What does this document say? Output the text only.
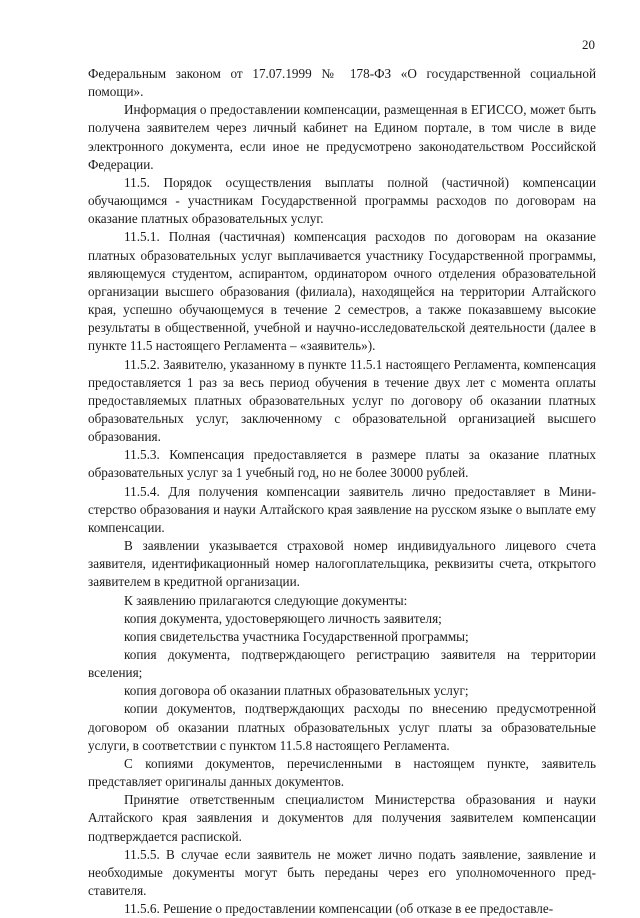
20

Федеральным законом от 17.07.1999 № 178-ФЗ «О государственной социальной помощи».

Информация о предоставлении компенсации, размещенная в ЕГИССО, может быть получена заявителем через личный кабинет на Едином портале, в том числе в виде электронного документа, если иное не предусмотрено законодательством Российской Федерации.

11.5. Порядок осуществления выплаты полной (частичной) компенсации обучающимся - участникам Государственной программы расходов по договорам на оказание платных образовательных услуг.

11.5.1. Полная (частичная) компенсация расходов по договорам на оказание платных образовательных услуг выплачивается участнику Государственной программы, являющемуся студентом, аспирантом, ординатором очного отделения образовательной организации высшего образования (филиала), находящейся на территории Алтайского края, успешно обучающемуся в течение 2 семестров, а также показавшему высокие результаты в общественной, учебной и научно-исследовательской деятельности (далее в пункте 11.5 настоящего Регламента – «заявитель»).

11.5.2. Заявителю, указанному в пункте 11.5.1 настоящего Регламента, компенсация предоставляется 1 раз за весь период обучения в течение двух лет с момента оплаты предоставляемых платных образовательных услуг по договору об оказании платных образовательных услуг, заключенному с образовательной организацией высшего образования.

11.5.3. Компенсация предоставляется в размере платы за оказание платных образовательных услуг за 1 учебный год, но не более 30000 рублей.

11.5.4. Для получения компенсации заявитель лично предоставляет в Министерство образования и науки Алтайского края заявление на русском языке о выплате ему компенсации.

В заявлении указывается страховой номер индивидуального лицевого счета заявителя, идентификационный номер налогоплательщика, реквизиты счета, открытого заявителем в кредитной организации.

К заявлению прилагаются следующие документы:

копия документа, удостоверяющего личность заявителя;

копия свидетельства участника Государственной программы;

копия документа, подтверждающего регистрацию заявителя на территории вселения;

копия договора об оказании платных образовательных услуг;

копии документов, подтверждающих расходы по внесению предусмотренной договором об оказании платных образовательных услуг платы за образовательные услуги, в соответствии с пунктом 11.5.8 настоящего Регламента.

С копиями документов, перечисленными в настоящем пункте, заявитель представляет оригиналы данных документов.

Принятие ответственным специалистом Министерства образования и науки Алтайского края заявления и документов для получения заявителем компенсации подтверждается распиской.

11.5.5. В случае если заявитель не может лично подать заявление, заявление и необходимые документы могут быть переданы через его уполномоченного представителя.

11.5.6. Решение о предоставлении компенсации (об отказе в ее предоставле-
